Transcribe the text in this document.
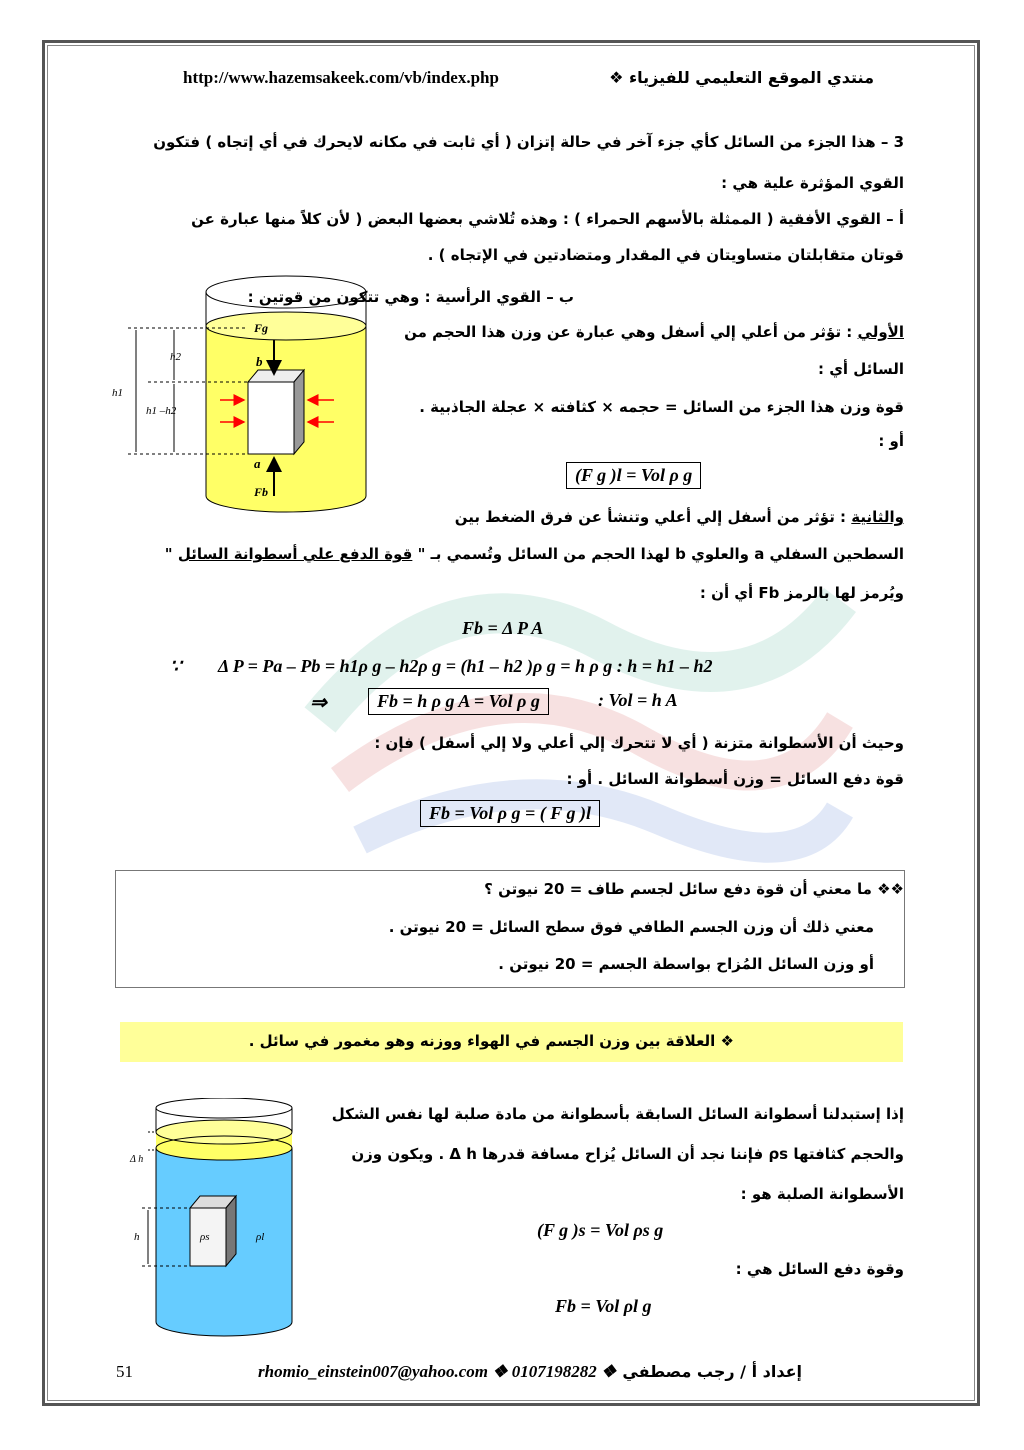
http://www.hazemsakeek.com/vb/index.php	منتدي الموقع التعليمي للفيزياء ❖
3 – هذا الجزء من السائل كأي جزء آخر في حالة إتزان ( أي ثابت في مكانه لايحرك في أي إتجاه ) فتكون
القوي المؤثرة علية هي :
أ – القوي الأفقية ( الممثلة بالأسهم الحمراء ) : وهذه تُلاشي بعضها البعض ( لأن كلاً منها عبارة عن
قوتان متقابلتان متساويتان في المقدار ومتضادتين في الإتجاه ) .
ب – القوي الرأسية : وهي تتكون من قوتين :
الأولي : تؤثر من أعلي إلي أسفل وهي عبارة عن وزن هذا الحجم من
السائل أي :
قوة وزن هذا الجزء من السائل = حجمه × كثافته × عجلة الجاذبية .
أو :
(F g )l = Vol ρ g
والثانية : تؤثر من أسفل إلي أعلي وتنشأ عن فرق الضغط بين
السطحين السفلي a والعلوي b لهذا الحجم من السائل وتُسمي بـ " قوة الدفع علي أسطوانة السائل "
ويُرمز لها بالرمز Fb أي أن :
Fb = Δ P A
∵ Δ P = Pa – Pb = h1ρ g – h2ρ g = (h1 – h2 )ρ g = h ρ g : h = h1 – h2
⇒	Fb = h ρ g A = Vol ρ g	: Vol = h A
وحيث أن الأسطوانة متزنة ( أي لا تتحرك إلي أعلي ولا إلي أسفل ) فإن :
قوة دفع السائل = وزن أسطوانة السائل . أو :
Fb = Vol ρ g = ( F g )l
Fg
b
a
Fb
h1
h2
h1 –h2
❖❖ ما معني أن قوة دفع سائل لجسم طاف = 20 نيوتن ؟
معني ذلك أن وزن الجسم الطافي فوق سطح السائل = 20 نيوتن .
أو وزن السائل المُزاح بواسطة الجسم = 20 نيوتن .
❖ العلاقة بين وزن الجسم في الهواء ووزنه وهو مغمور في سائل .
إذا إستبدلنا أسطوانة السائل السابقة بأسطوانة من مادة صلبة لها نفس الشكل
والحجم كثافتها ρs فإننا نجد أن السائل يُزاح مسافة قدرها Δ h . ويكون وزن
الأسطوانة الصلبة هو :
(F g )s = Vol ρs g
وقوة دفع السائل هي :
Fb = Vol ρl g
Δ h
h	ρs	ρl
51	rhomio_einstein007@yahoo.com ❖ 0107198282 ❖ إعداد أ / رجب مصطفي
